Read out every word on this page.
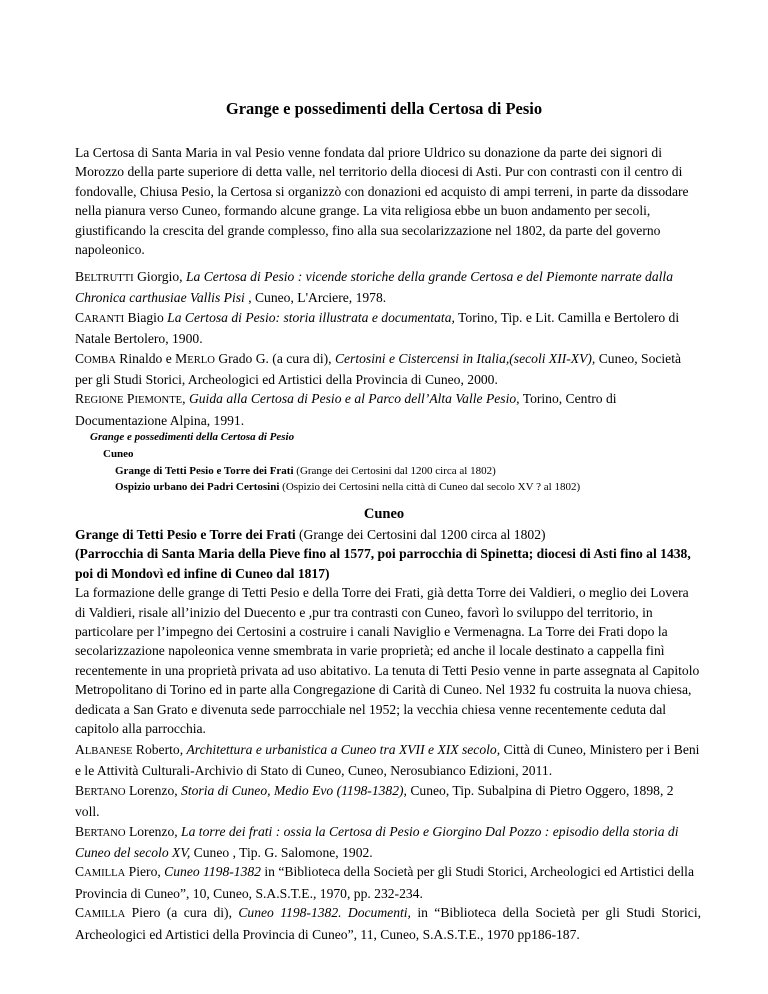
Grange e possedimenti della Certosa di Pesio
La Certosa di Santa Maria in val Pesio venne fondata dal priore Uldrico su donazione da parte dei signori di Morozzo della parte superiore di detta valle, nel territorio della diocesi di Asti. Pur con contrasti con il centro di fondovalle, Chiusa Pesio, la Certosa si organizzò con donazioni ed acquisto di ampi terreni, in parte da dissodare nella pianura verso Cuneo, formando alcune grange. La vita religiosa ebbe un buon andamento per secoli, giustificando la crescita del grande complesso, fino alla sua secolarizzazione nel 1802, da parte del governo napoleonico.
BELTRUTTI Giorgio, La Certosa di Pesio : vicende storiche della grande Certosa e del Piemonte narrate dalla Chronica carthusiae Vallis Pisi , Cuneo, L'Arciere, 1978.
CARANTI Biagio La Certosa di Pesio: storia illustrata e documentata, Torino, Tip. e Lit. Camilla e Bertolero di Natale Bertolero, 1900.
COMBA Rinaldo e MERLO Grado G. (a cura di), Certosini e Cistercensi in Italia,(secoli XII-XV), Cuneo, Società per gli Studi Storici, Archeologici ed Artistici della Provincia di Cuneo, 2000.
REGIONE PIEMONTE, Guida alla Certosa di Pesio e al Parco dell’Alta Valle Pesio, Torino, Centro di Documentazione Alpina, 1991.
Grange e possedimenti della Certosa di Pesio
Cuneo
Grange di Tetti Pesio e Torre dei Frati (Grange dei Certosini dal 1200 circa al 1802)
Ospizio urbano dei Padri Certosini (Ospizio dei Certosini nella città di Cuneo dal secolo XV ? al 1802)
Cuneo
Grange di Tetti Pesio e Torre dei Frati (Grange dei Certosini dal 1200 circa al 1802)
(Parrocchia di Santa Maria della Pieve fino al 1577, poi parrocchia di Spinetta; diocesi di Asti fino al 1438, poi di Mondovì ed infine di Cuneo dal 1817)
La formazione delle grange di Tetti Pesio e della Torre dei Frati, già detta Torre dei Valdieri, o meglio dei Lovera di Valdieri, risale all’inizio del Duecento e ,pur tra contrasti con Cuneo, favorì lo sviluppo del territorio, in particolare per l’impegno dei Certosini a costruire i canali Naviglio e Vermenagna. La Torre dei Frati dopo la secolarizzazione napoleonica venne smembrata in varie proprietà; ed anche il locale destinato a cappella finì recentemente in una proprietà privata ad uso abitativo. La tenuta di Tetti Pesio venne in parte assegnata al Capitolo Metropolitano di Torino ed in parte alla Congregazione di Carità di Cuneo. Nel 1932 fu costruita la nuova chiesa, dedicata a San Grato e divenuta sede parrocchiale nel 1952; la vecchia chiesa venne recentemente ceduta dal capitolo alla parrocchia.
ALBANESE Roberto, Architettura e urbanistica a Cuneo tra XVII e XIX secolo, Città di Cuneo, Ministero per i Beni e le Attività Culturali-Archivio di Stato di Cuneo, Cuneo, Nerosubianco Edizioni, 2011.
BERTANO Lorenzo, Storia di Cuneo, Medio Evo (1198-1382), Cuneo, Tip. Subalpina di Pietro Oggero, 1898, 2 voll.
BERTANO Lorenzo, La torre dei frati : ossia la Certosa di Pesio e Giorgino Dal Pozzo : episodio della storia di Cuneo del secolo XV, Cuneo , Tip. G. Salomone, 1902.
CAMILLA Piero, Cuneo 1198-1382 in “Biblioteca della Società per gli Studi Storici, Archeologici ed Artistici della Provincia di Cuneo”, 10, Cuneo, S.A.S.T.E., 1970, pp. 232-234.
CAMILLA Piero (a cura di), Cuneo 1198-1382. Documenti, in “Biblioteca della Società per gli Studi Storici, Archeologici ed Artistici della Provincia di Cuneo”, 11, Cuneo, S.A.S.T.E., 1970 pp186-187.
